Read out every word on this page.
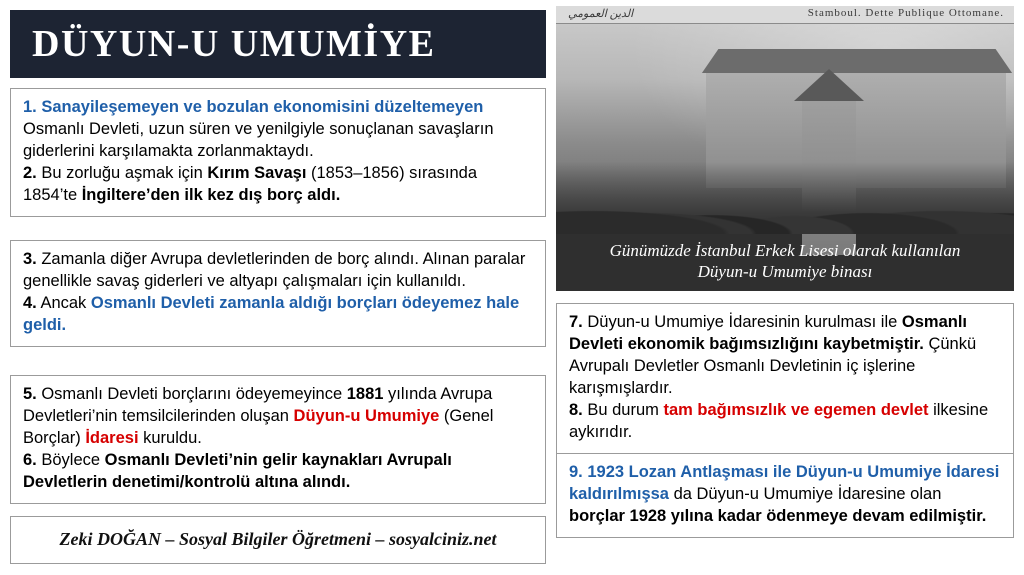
DÜYUN-U UMUMİYE

1. Sanayileşemeyen ve bozulan ekonomisini düzeltemeyen Osmanlı Devleti, uzun süren ve yenilgiyle sonuçlanan savaşların giderlerini karşılamakta zorlanmaktaydı.

2. Bu zorluğu aşmak için Kırım Savaşı (1853–1856) sırasında 1854’te İngiltere’den ilk kez dış borç aldı.

3. Zamanla diğer Avrupa devletlerinden de borç alındı. Alınan paralar genellikle savaş giderleri ve altyapı çalışmaları için kullanıldı.

4. Ancak Osmanlı Devleti zamanla aldığı borçları ödeyemez hale geldi.

5. Osmanlı Devleti borçlarını ödeyemeyince 1881 yılında Avrupa Devletleri’nin temsilcilerinden oluşan Düyun-u Umumiye (Genel Borçlar) İdaresi kuruldu.

6. Böylece Osmanlı Devleti’nin gelir kaynakları Avrupalı Devletlerin denetimi/kontrolü altına alındı.

Zeki DOĞAN – Sosyal Bilgiler Öğretmeni – sosyalciniz.net

الدين العمومي	Stamboul. Dette Publique Ottomane.
Günümüzde İstanbul Erkek Lisesi olarak kullanılan
Düyun-u Umumiye binası

7. Düyun-u Umumiye İdaresinin kurulması ile Osmanlı Devleti ekonomik bağımsızlığını kaybetmiştir. Çünkü Avrupalı Devletler Osmanlı Devletinin iç işlerine karışmışlardır.

8. Bu durum tam bağımsızlık ve egemen devlet ilkesine aykırıdır.

9. 1923 Lozan Antlaşması ile Düyun-u Umumiye İdaresi kaldırılmışsa da Düyun-u Umumiye İdaresine olan borçlar 1928 yılına kadar ödenmeye devam edilmiştir.
